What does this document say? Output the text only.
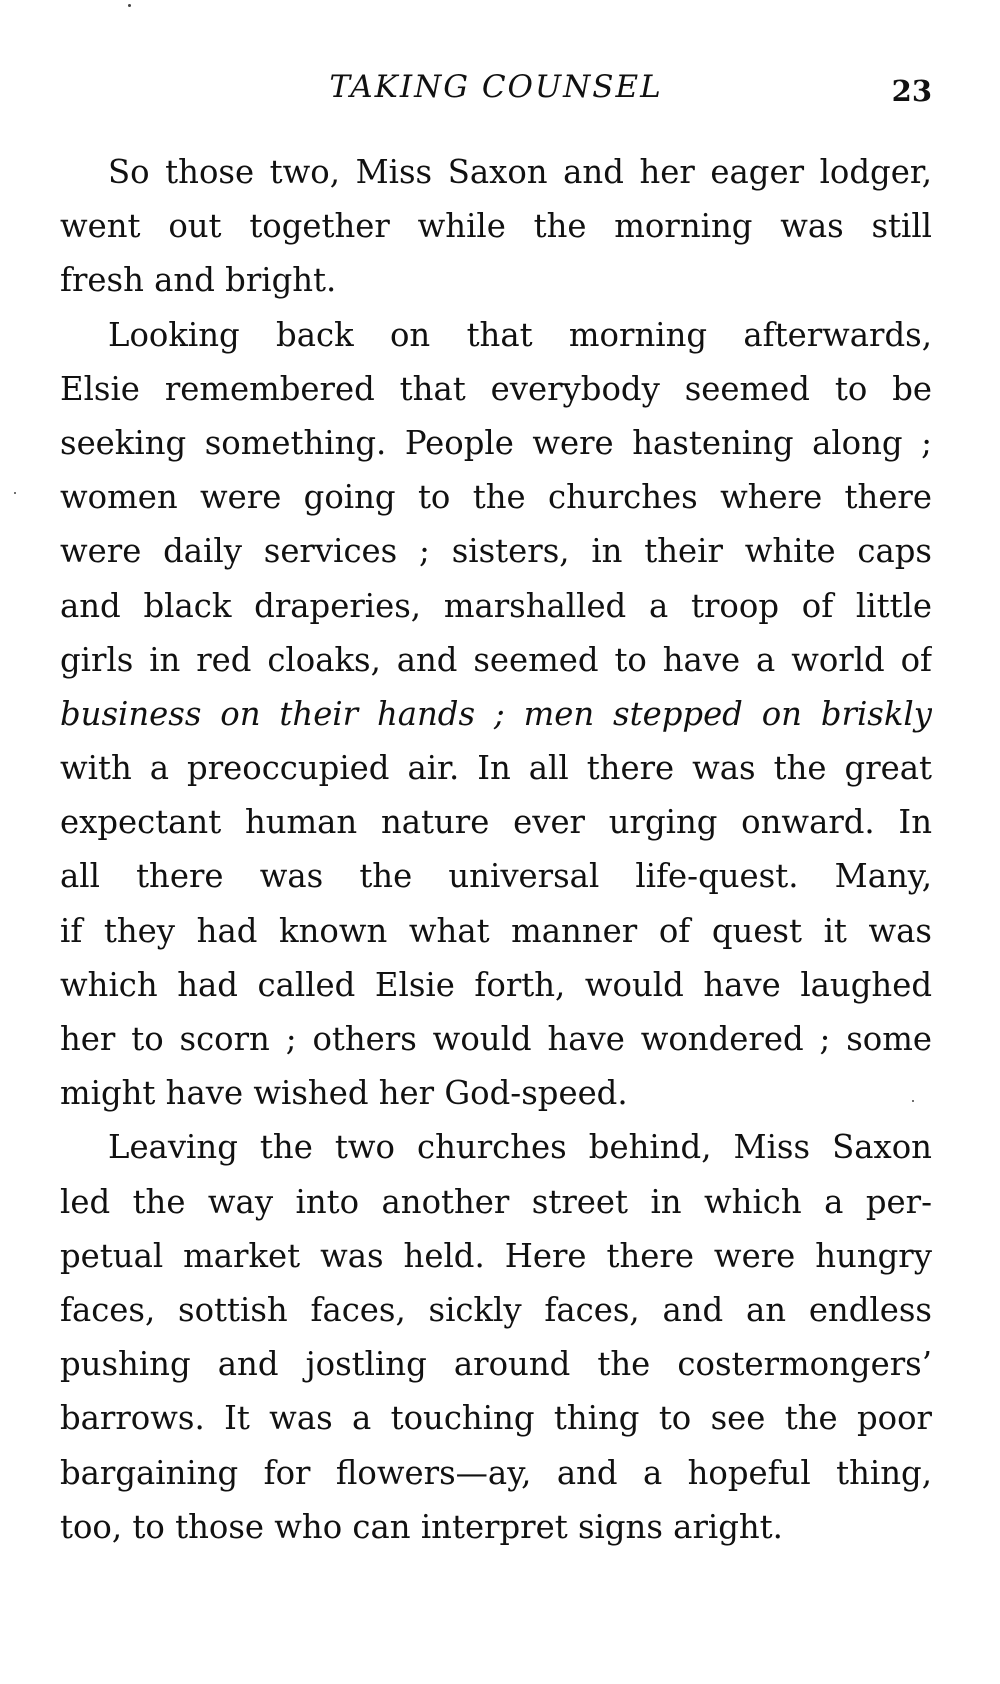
TAKING COUNSEL	23
So those two, Miss Saxon and her eager lodger,
went out together while the morning was still
fresh and bright.
Looking back on that morning afterwards,
Elsie remembered that everybody seemed to be
seeking something. People were hastening along ;
women were going to the churches where there
were daily services ; sisters, in their white caps
and black draperies, marshalled a troop of little
girls in red cloaks, and seemed to have a world of
business on their hands ; men stepped on briskly
with a preoccupied air. In all there was the great
expectant human nature ever urging onward. In
all there was the universal life-quest. Many,
if they had known what manner of quest it was
which had called Elsie forth, would have laughed
her to scorn ; others would have wondered ; some
might have wished her God-speed.
Leaving the two churches behind, Miss Saxon
led the way into another street in which a per-
petual market was held. Here there were hungry
faces, sottish faces, sickly faces, and an endless
pushing and jostling around the costermongers’
barrows. It was a touching thing to see the poor
bargaining for flowers—ay, and a hopeful thing,
too, to those who can interpret signs aright.
